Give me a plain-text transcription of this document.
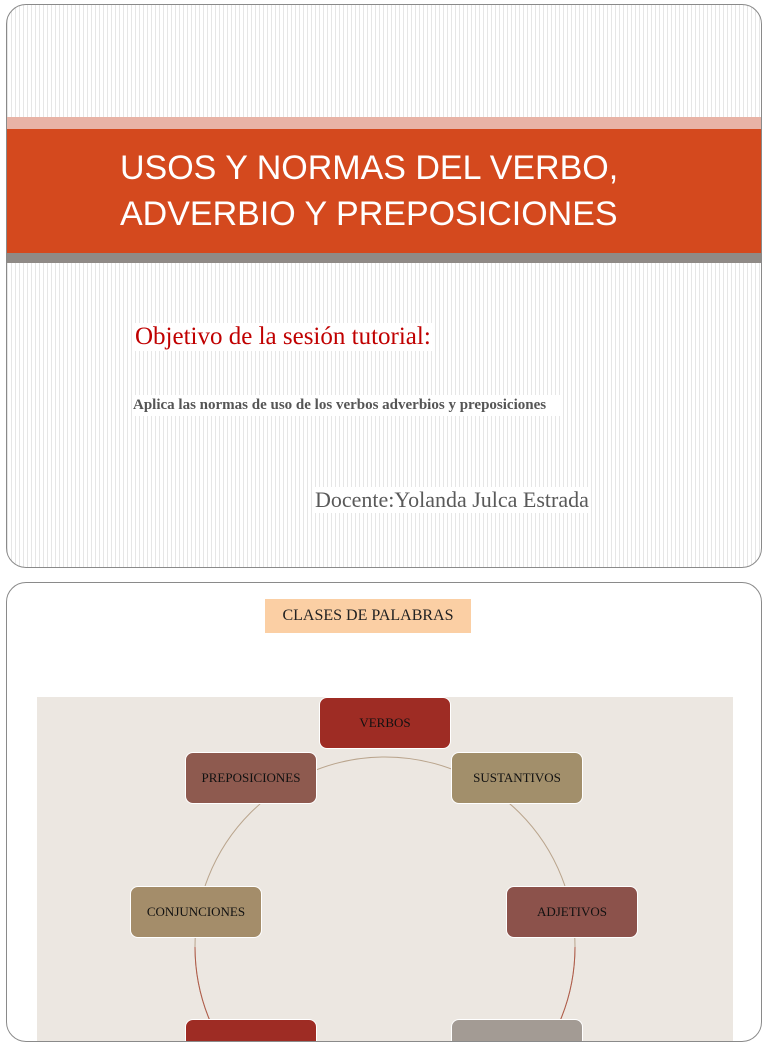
USOS Y NORMAS DEL VERBO,
ADVERBIO Y PREPOSICIONES
Objetivo de la sesión tutorial:
Aplica las normas de uso de los verbos adverbios y preposiciones
Docente:Yolanda Julca Estrada
CLASES DE PALABRAS
VERBOS
SUSTANTIVOS
ADJETIVOS
CONJUNCIONES
PREPOSICIONES
